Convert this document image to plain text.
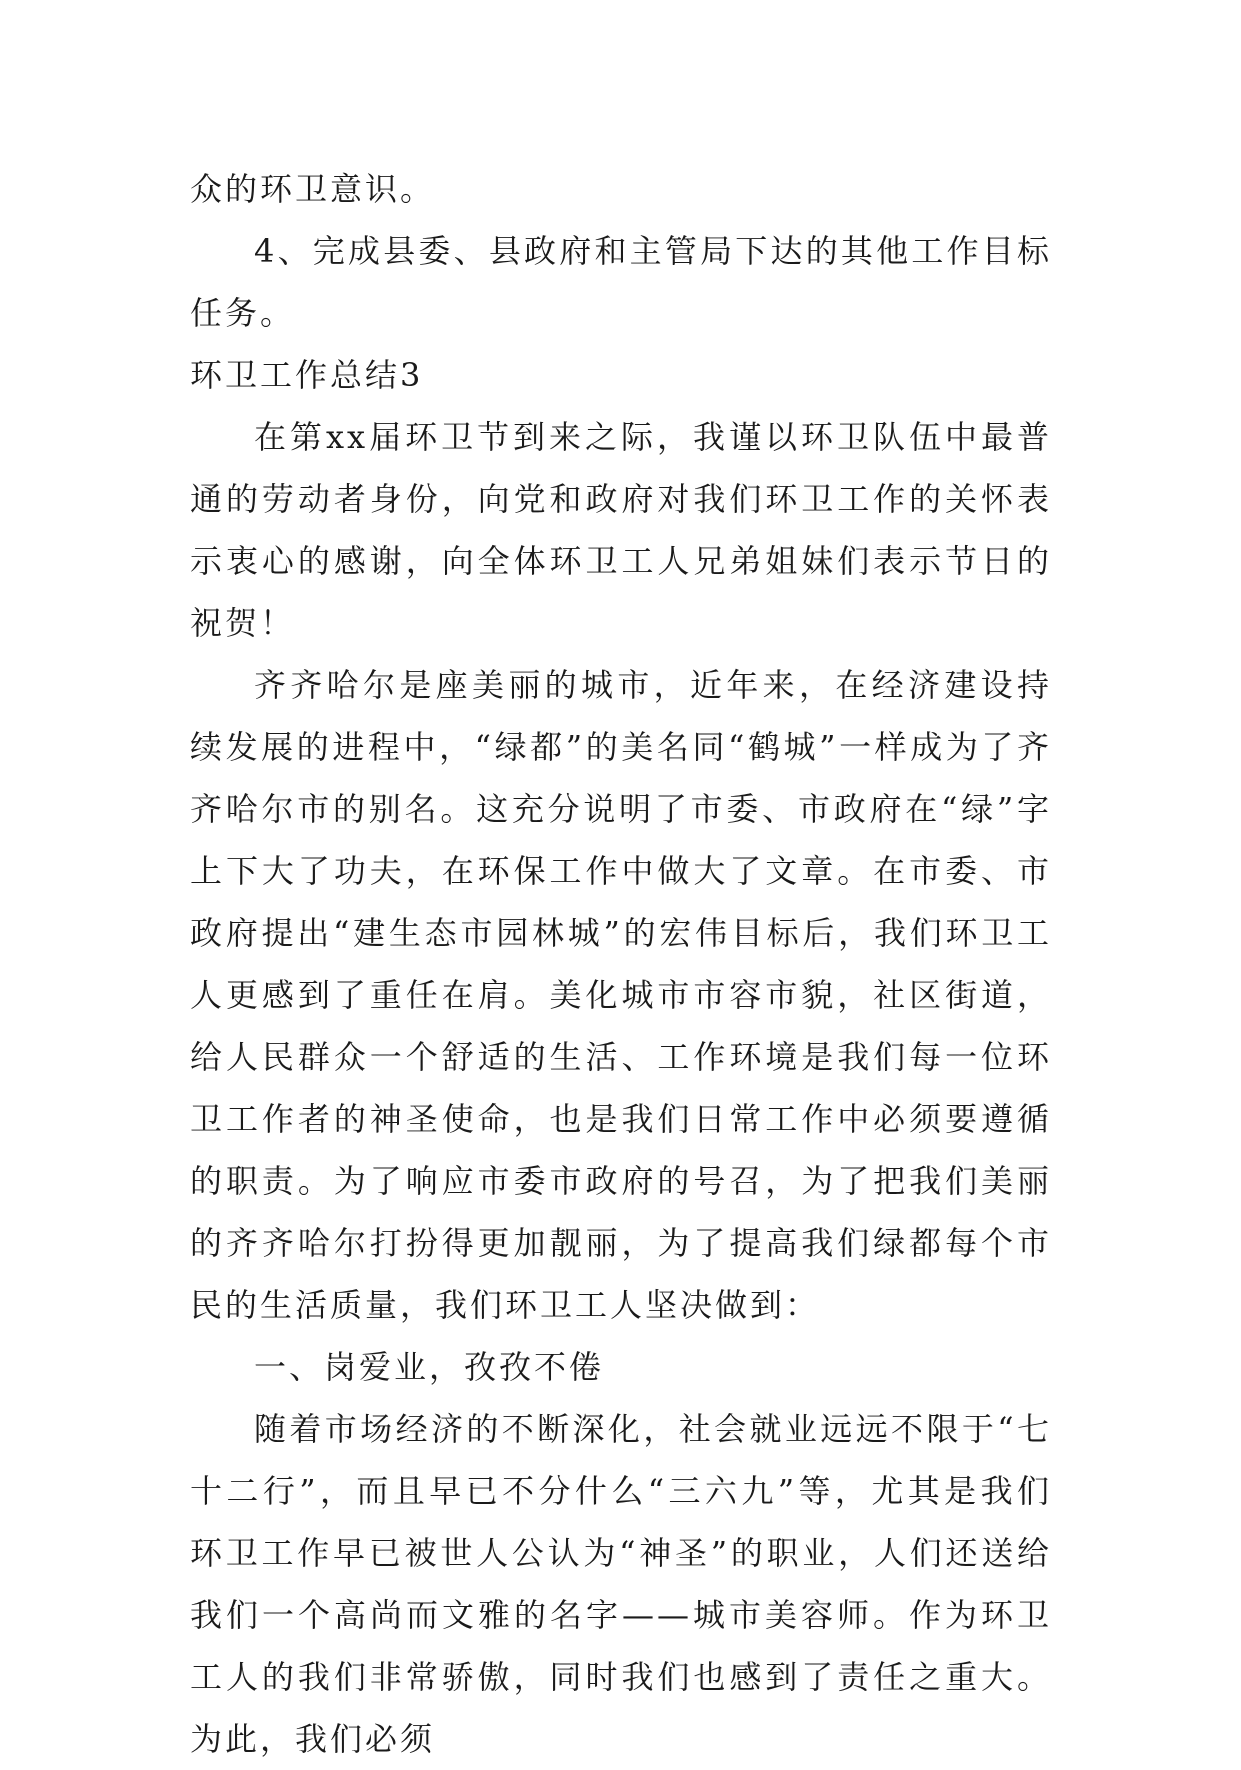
众的环卫意识。

4、完成县委、县政府和主管局下达的其他工作目标任务。

环卫工作总结3

在第xx届环卫节到来之际，我谨以环卫队伍中最普通的劳动者身份，向党和政府对我们环卫工作的关怀表示衷心的感谢，向全体环卫工人兄弟姐妹们表示节日的祝贺！

齐齐哈尔是座美丽的城市，近年来，在经济建设持续发展的进程中，“绿都”的美名同“鹤城”一样成为了齐齐哈尔市的别名。这充分说明了市委、市政府在“绿”字上下大了功夫，在环保工作中做大了文章。在市委、市政府提出“建生态市园林城”的宏伟目标后，我们环卫工人更感到了重任在肩。美化城市市容市貌，社区街道，给人民群众一个舒适的生活、工作环境是我们每一位环卫工作者的神圣使命，也是我们日常工作中必须要遵循的职责。为了响应市委市政府的号召，为了把我们美丽的齐齐哈尔打扮得更加靓丽，为了提高我们绿都每个市民的生活质量，我们环卫工人坚决做到：

一、岗爱业，孜孜不倦

随着市场经济的不断深化，社会就业远远不限于“七十二行”，而且早已不分什么“三六九”等，尤其是我们环卫工作早已被世人公认为“神圣”的职业，人们还送给我们一个高尚而文雅的名字——城市美容师。作为环卫工人的我们非常骄傲，同时我们也感到了责任之重大。为此，我们必须
